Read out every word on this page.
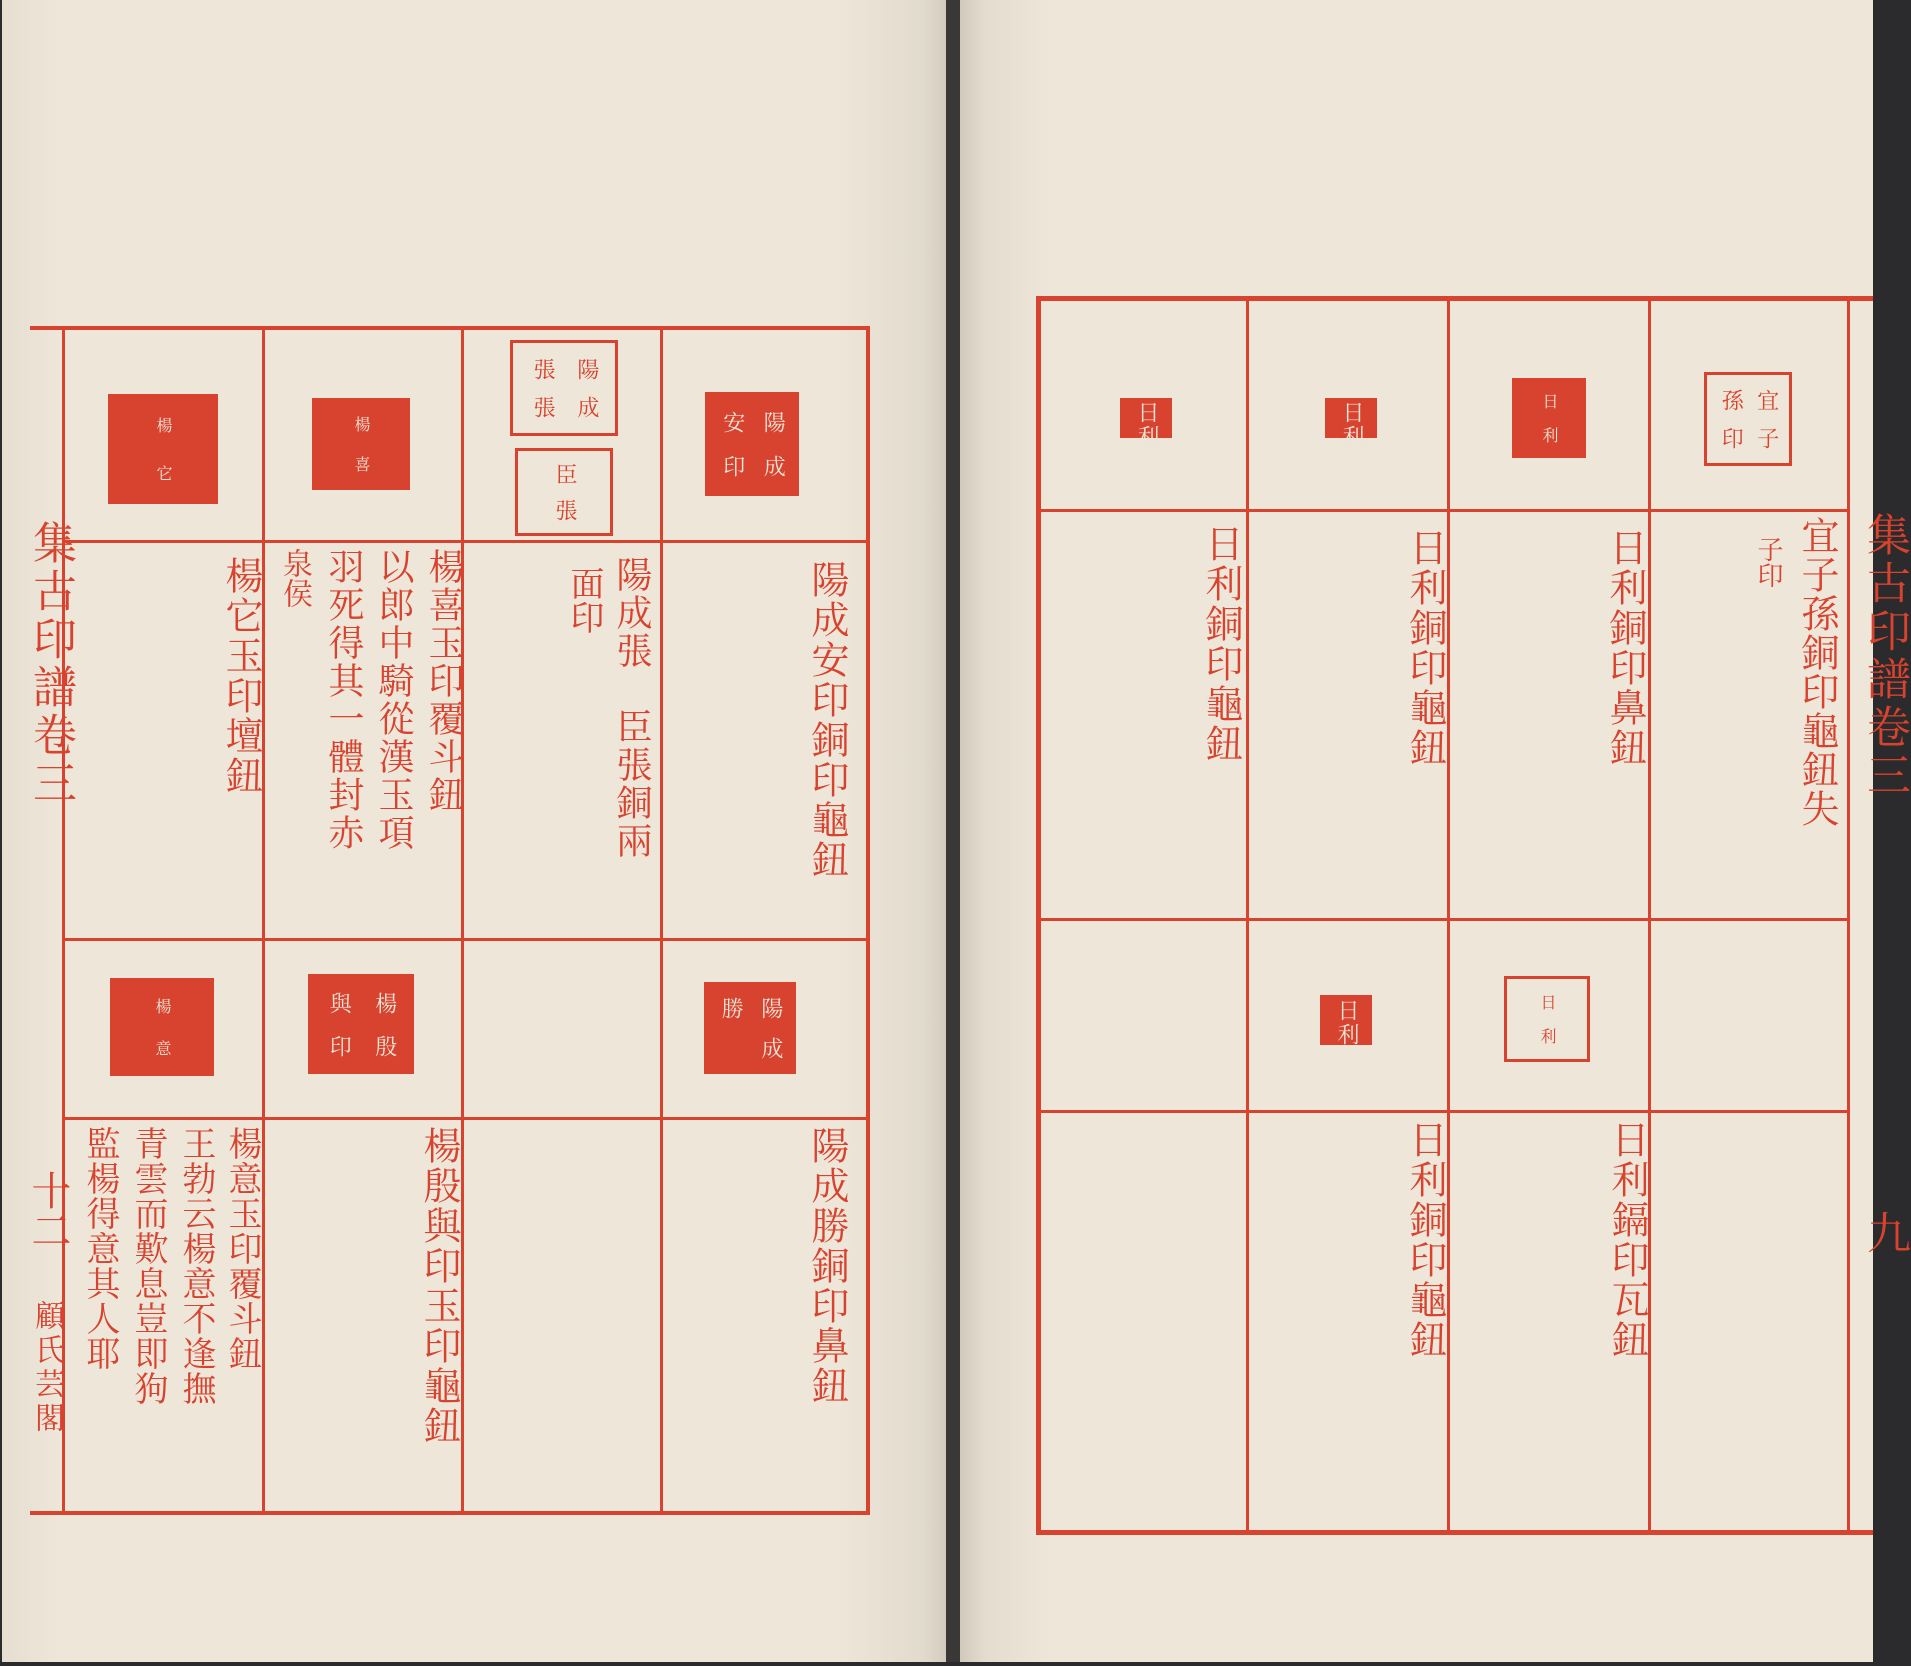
集古印譜卷三
十二
顧氏芸閣
陽
成
安
印
陽成安印銅印龜鈕
陽
成
勝
陽成勝銅印鼻鈕
陽
成
張
張
臣
張
陽成張　臣張銅兩
面印
楊
喜
楊喜玉印覆斗鈕
以郎中騎從漢玉項
羽死得其一體封赤
泉侯
楊
殷
與
印
楊殷與印玉印龜鈕
楊
它
楊它玉印壇鈕
楊
意
楊意玉印覆斗鈕
王勃云楊意不逢撫
青雲而歎息豈即狗
監楊得意其人耶
集古印譜卷三
九
宜
子
孫
印
宜子孫銅印龜鈕失
子印
日
利
日利銅印鼻鈕
日
利
日利鎘印瓦鈕
日
利
日利銅印龜鈕
日
利
日利銅印龜鈕
日
利
日利銅印龜鈕
